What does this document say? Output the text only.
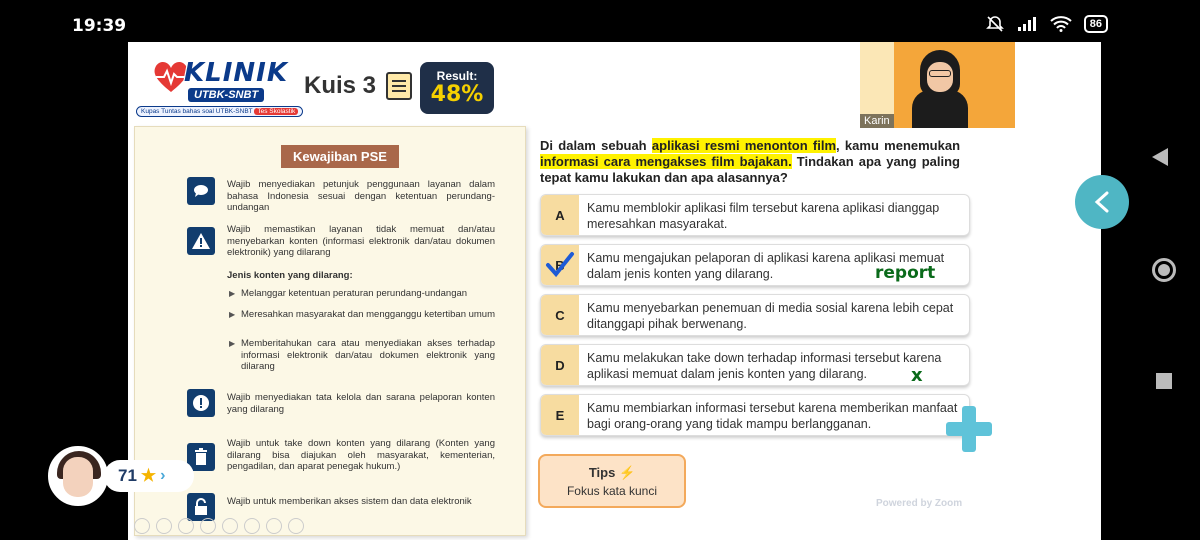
19:39	86
KLINIK
UTBK-SNBT
Kupas Tuntas bahas soal UTBK-SNBT Tes Skolastik
Kuis 3	Result:
48%
Karin
Kewajiban PSE
Wajib menyediakan petunjuk penggunaan layanan dalam bahasa Indonesia sesuai dengan ketentuan perundang-undangan
Wajib memastikan layanan tidak memuat dan/atau menyebarkan konten (informasi elektronik dan/atau dokumen elektronik) yang dilarang
Jenis konten yang dilarang:
▶ Melanggar ketentuan peraturan perundang-undangan
▶ Meresahkan masyarakat dan mengganggu ketertiban umum
▶ Memberitahukan cara atau menyediakan akses terhadap informasi elektronik dan/atau dokumen elektronik yang dilarang
Wajib menyediakan tata kelola dan sarana pelaporan konten yang dilarang
Wajib untuk take down konten yang dilarang (Konten yang dilarang bisa diajukan oleh masyarakat, kementerian, pengadilan, dan aparat penegak hukum.)
Wajib untuk memberikan akses sistem dan data elektronik
Di dalam sebuah aplikasi resmi menonton film, kamu menemukan informasi cara mengakses film bajakan. Tindakan apa yang paling tepat kamu lakukan dan apa alasannya?
A	Kamu memblokir aplikasi film tersebut karena aplikasi dianggap meresahkan masyarakat.
B	Kamu mengajukan pelaporan di aplikasi karena aplikasi memuat dalam jenis konten yang dilarang.	report
C	Kamu menyebarkan penemuan di media sosial karena lebih cepat ditanggapi pihak berwenang.
D	Kamu melakukan take down terhadap informasi tersebut karena aplikasi memuat dalam jenis konten yang dilarang.	x
E	Kamu membiarkan informasi tersebut karena memberikan manfaat bagi orang-orang yang tidak mampu berlangganan.
Tips ⚡
Fokus kata kunci
Powered by Zoom
71 ★ ›
